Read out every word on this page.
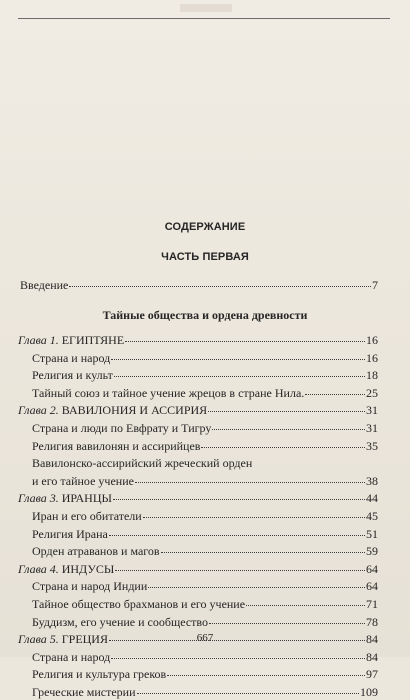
СОДЕРЖАНИЕ
ЧАСТЬ ПЕРВАЯ
Введение	7
Тайные общества и ордена древности
Глава 1. ЕГИПТЯНЕ	16
Страна и народ	16
Религия и культ	18
Тайный союз и тайное учение жрецов в стране Нила.	25
Глава 2. ВАВИЛОНИЯ И АССИРИЯ	31
Страна и люди по Евфрату и Тигру	31
Религия вавилонян и ассирийцев	35
Вавилонско-ассирийский жреческий орден
и его тайное учение	38
Глава 3. ИРАНЦЫ	44
Иран и его обитатели	45
Религия Ирана	51
Орден атраванов и магов	59
Глава 4. ИНДУСЫ	64
Страна и народ Индии	64
Тайное общество брахманов и его учение	71
Буддизм, его учение и сообщество	78
Глава 5. ГРЕЦИЯ	84
Страна и народ	84
Религия и культура греков	97
Греческие мистерии	109
667
